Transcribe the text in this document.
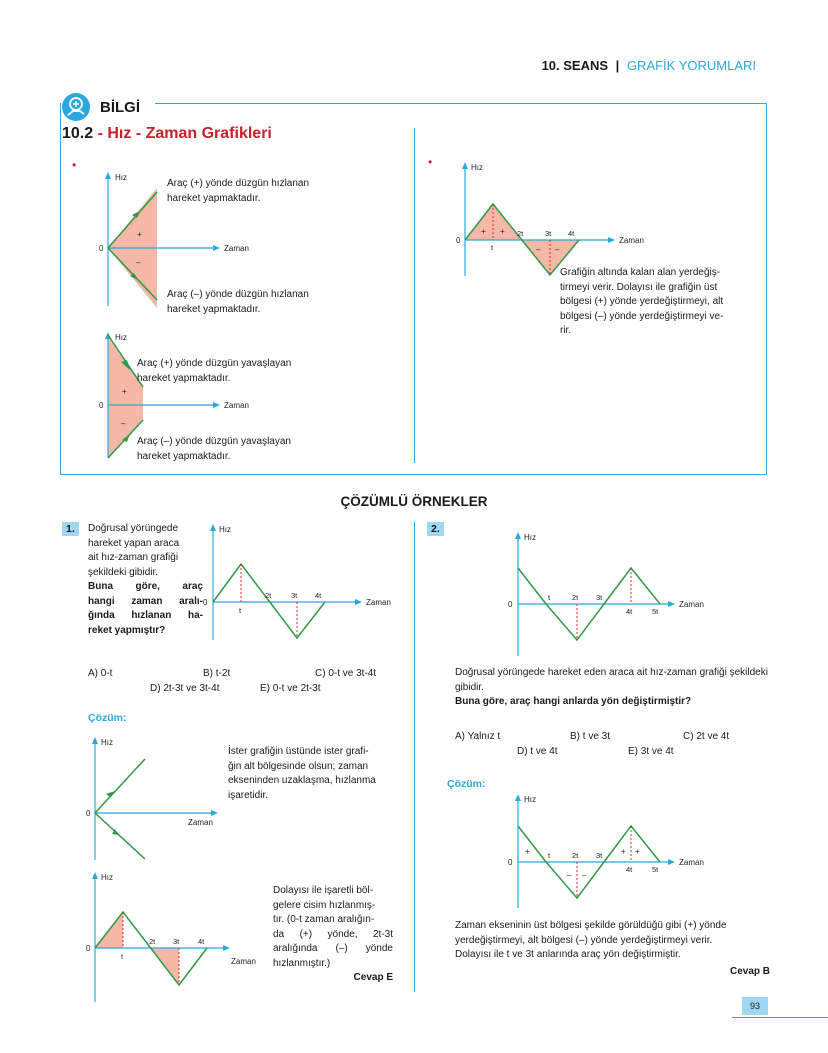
10. SEANS | GRAFİK YORUMLARI
BİLGİ
10.2 - Hız - Zaman Grafikleri
•
Hız
Zaman
0
+
–
Araç (+) yönde düzgün hızlanan
hareket yapmaktadır.
Araç (–) yönde düzgün hızlanan
hareket yapmaktadır.
Hız
Zaman
0
+
–
Araç (+) yönde düzgün yavaşlayan
hareket yapmaktadır.
Araç (–) yönde düzgün yavaşlayan
hareket yapmaktadır.
•	Hız
Zaman
0
+ +
– –
t
2t	3t 4t
Grafiğin altında kalan alan yerdeğiş-
tirmeyi verir. Dolayısı ile grafiğin üst
bölgesi (+) yönde yerdeğiştirmeyi, alt
bölgesi (–) yönde yerdeğiştirmeyi ve-
rir.
ÇÖZÜMLÜ ÖRNEKLER
1.	Doğrusal yörüngede
hareket yapan araca
ait hız-zaman grafiği
şekildeki gibidir.
Buna göre, araç
hangi zaman aralı-
ğında hızlanan ha-
reket yapmıştır?
Hız
Zaman
0
t
2t	3t 4t
A) 0-t	B) t-2t	C) 0-t ve 3t-4t
D) 2t-3t ve 3t-4t	E) 0-t ve 2t-3t
Çözüm:
Hız
Zaman
0
İster grafiğin üstünde ister grafi-
ğin alt bölgesinde olsun; zaman
ekseninden uzaklaşma, hızlanma
işaretidir.
Hız
Zaman
0
t
2t 3t 4t
Dolayısı ile işaretli böl-
gelere cisim hızlanmış-
tır. (0-t zaman aralığın-
da (+) yönde, 2t-3t
aralığında (–) yönde
hızlanmıştır.)
Cevap E
2.
Hız
Zaman
0
t	2t 3t
4t	5t
Doğrusal yörüngede hareket eden araca ait hız-zaman grafiği şekildeki gibidir.
Buna göre, araç hangi anlarda yön değiştirmiştir?
A) Yalnız t	B) t ve 3t	C) 2t ve 4t
D) t ve 4t	E) 3t ve 4t
Çözüm:
Hız
Zaman
0
+	+ +
– –
t	2t 3t
4t	5t
Zaman ekseninin üst bölgesi şekilde görüldüğü gibi (+) yönde
yerdeğiştirmeyi, alt bölgesi (–) yönde yerdeğiştirmeyi verir.
Dolayısı ile t ve 3t anlarında araç yön değiştirmiştir.
Cevap B
93
